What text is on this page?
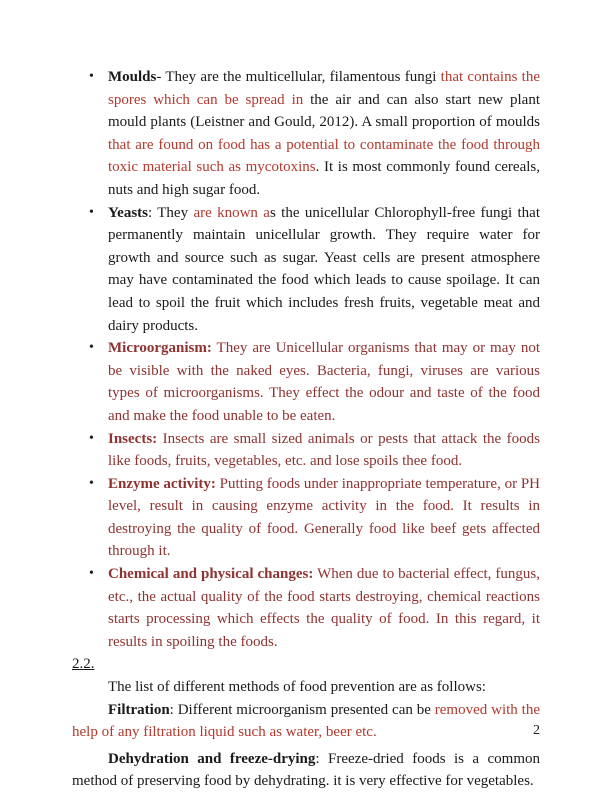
• Moulds- They are the multicellular, filamentous fungi that contains the spores which can be spread in the air and can also start new plant mould plants (Leistner and Gould, 2012). A small proportion of moulds that are found on food has a potential to contaminate the food through toxic material such as mycotoxins. It is most commonly found cereals, nuts and high sugar food.
• Yeasts: They are known as the unicellular Chlorophyll-free fungi that permanently maintain unicellular growth. They require water for growth and source such as sugar. Yeast cells are present atmosphere may have contaminated the food which leads to cause spoilage. It can lead to spoil the fruit which includes fresh fruits, vegetable meat and dairy products.
• Microorganism: They are Unicellular organisms that may or may not be visible with the naked eyes. Bacteria, fungi, viruses are various types of microorganisms. They effect the odour and taste of the food and make the food unable to be eaten.
• Insects: Insects are small sized animals or pests that attack the foods like foods, fruits, vegetables, etc. and lose spoils thee food.
• Enzyme activity: Putting foods under inappropriate temperature, or PH level, result in causing enzyme activity in the food. It results in destroying the quality of food. Generally food like beef gets affected through it.
• Chemical and physical changes: When due to bacterial effect, fungus, etc., the actual quality of the food starts destroying, chemical reactions starts processing which effects the quality of food. In this regard, it results in spoiling the foods.
2.2.

The list of different methods of food prevention are as follows:

Filtration: Different microorganism presented can be removed with the help of any filtration liquid such as water, beer etc.

Dehydration and freeze-drying: Freeze-dried foods is a common method of preserving food by dehydrating. it is very effective for vegetables.

2
